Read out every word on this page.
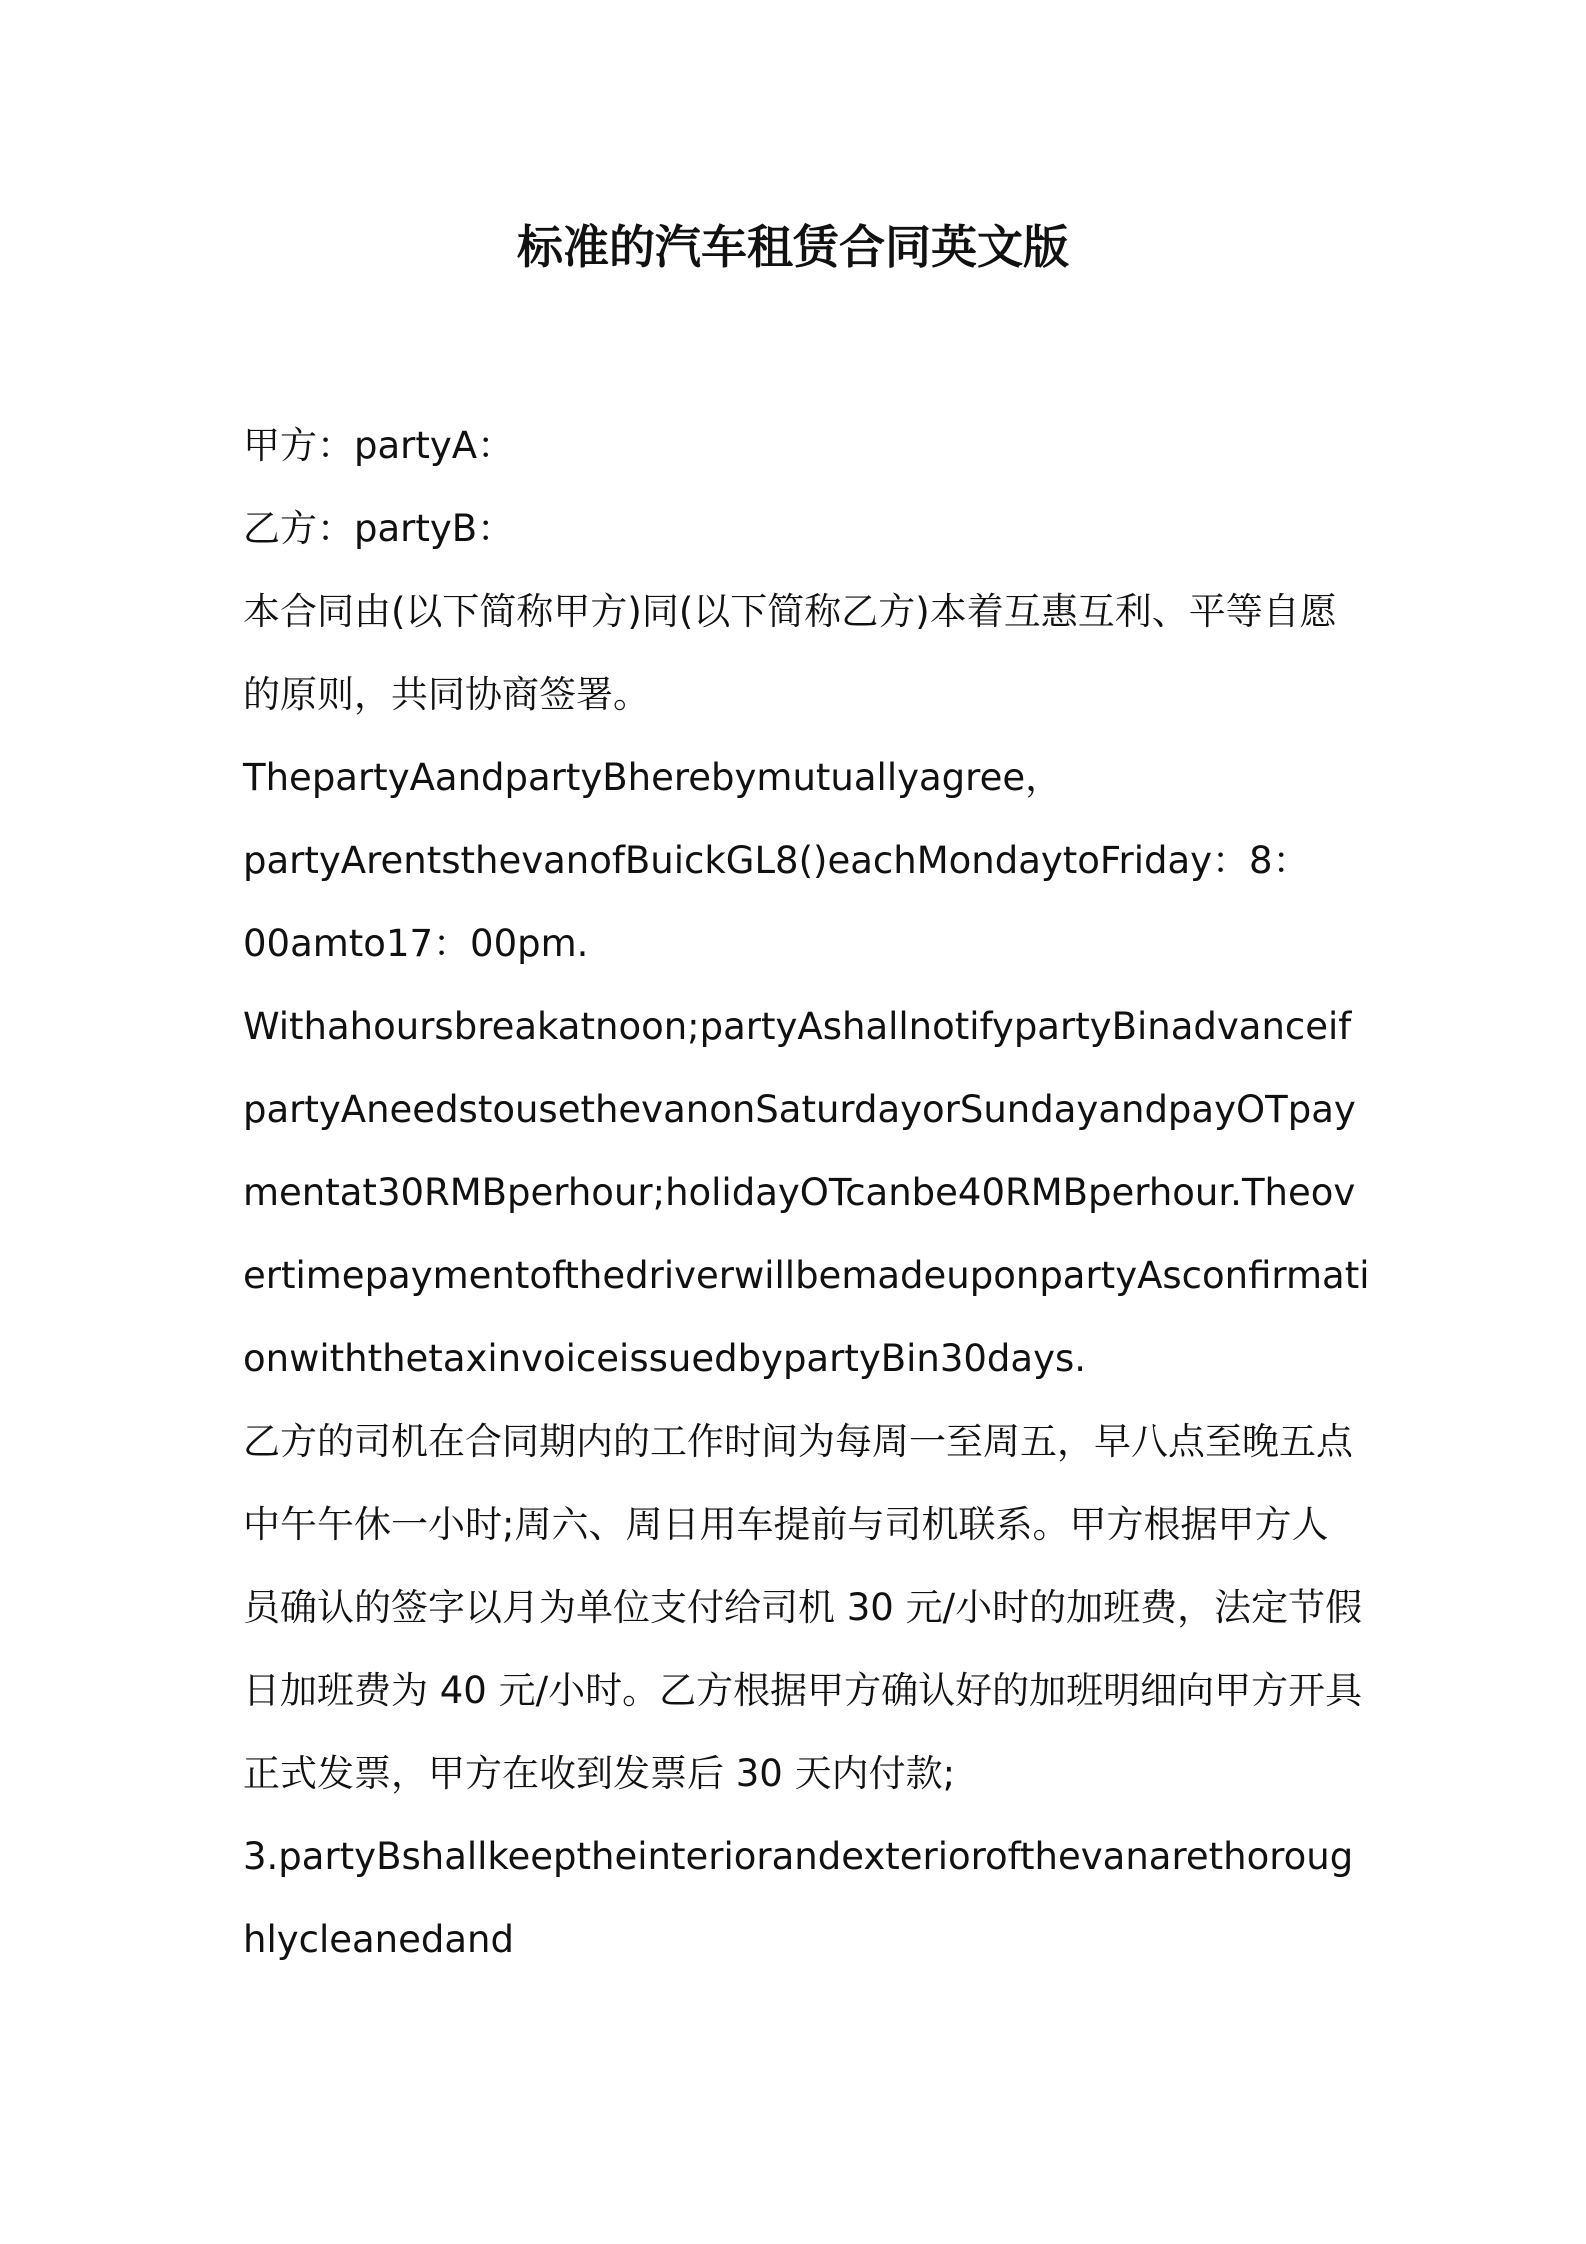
标准的汽车租赁合同英文版

甲方：partyA：

乙方：partyB：

本合同由(以下简称甲方)同(以下简称乙方)本着互惠互利、平等自愿
的原则，共同协商签署。

ThepartyAandpartyBherebymutuallyagree，

partyArentsthevanofBuickGL8()eachMondaytoFriday：8：
00amto17：00pm.

Withahoursbreakatnoon;partyAshallnotifypartyBinadvanceif
partyAneedstousethevanonSaturdayorSundayandpayOTpay
mentat30RMBperhour;holidayOTcanbe40RMBperhour.Theov
ertimepaymentofthedriverwillbemadeuponpartyAsconfirmati
onwiththetaxinvoiceissuedbypartyBin30days.

乙方的司机在合同期内的工作时间为每周一至周五，早八点至晚五点
中午午休一小时;周六、周日用车提前与司机联系。甲方根据甲方人
员确认的签字以月为单位支付给司机 30 元/小时的加班费，法定节假
日加班费为 40 元/小时。乙方根据甲方确认好的加班明细向甲方开具
正式发票，甲方在收到发票后 30 天内付款;

3.partyBshallkeeptheinteriorandexteriorofthevanarethoroug
hlycleanedand
